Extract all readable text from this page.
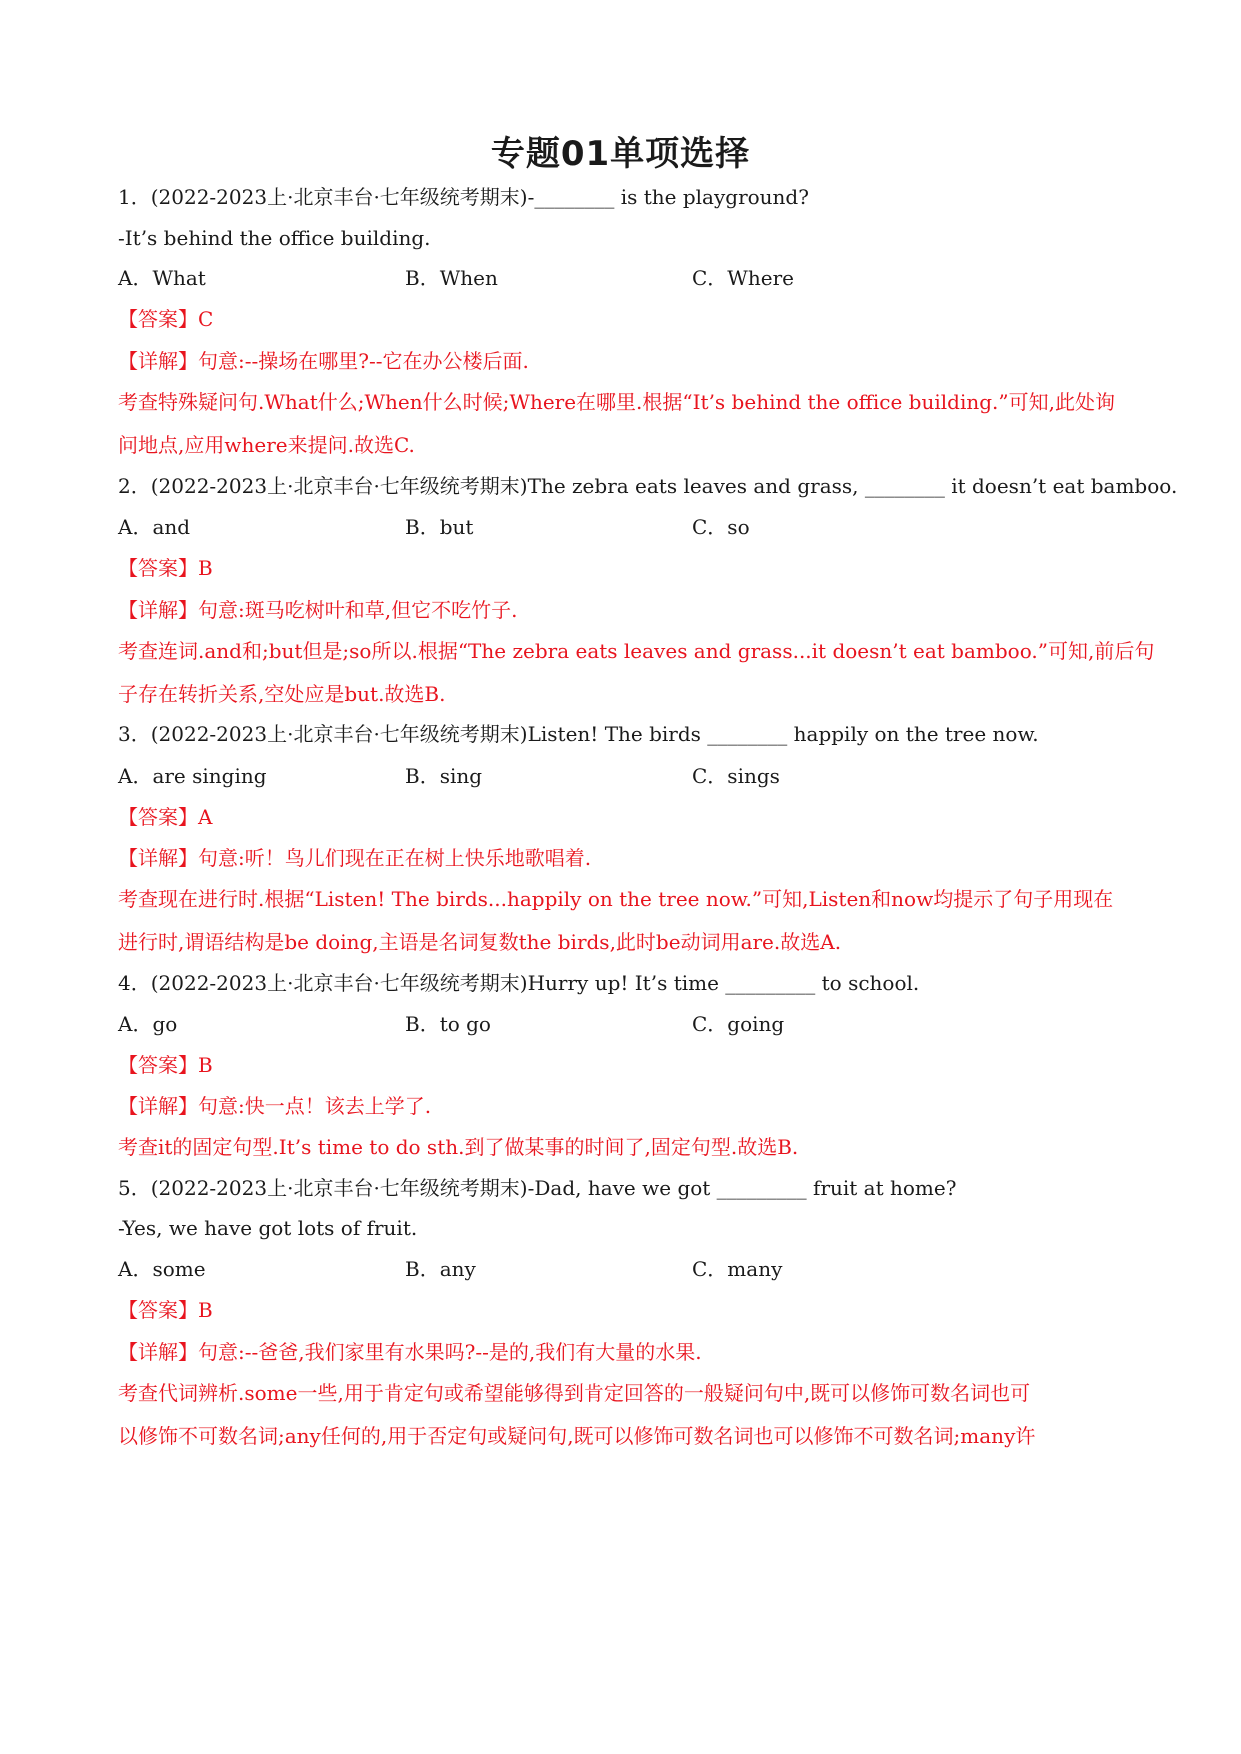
专题01单项选择
1．(2022-2023上·北京丰台·七年级统考期末)-________ is the playground?
-It’s behind the office building.
A．What	B．When	C．Where
【答案】C
【详解】句意:--操场在哪里?--它在办公楼后面.
考查特殊疑问句.What什么;When什么时候;Where在哪里.根据“It’s behind the office building.”可知,此处询
问地点,应用where来提问.故选C.
2．(2022-2023上·北京丰台·七年级统考期末)The zebra eats leaves and grass, ________ it doesn’t eat bamboo.
A．and	B．but	C．so
【答案】B
【详解】句意:斑马吃树叶和草,但它不吃竹子.
考查连词.and和;but但是;so所以.根据“The zebra eats leaves and grass...it doesn’t eat bamboo.”可知,前后句
子存在转折关系,空处应是but.故选B.
3．(2022-2023上·北京丰台·七年级统考期末)Listen! The birds ________ happily on the tree now.
A．are singing	B．sing	C．sings
【答案】A
【详解】句意:听！鸟儿们现在正在树上快乐地歌唱着.
考查现在进行时.根据“Listen! The birds...happily on the tree now.”可知,Listen和now均提示了句子用现在
进行时,谓语结构是be doing,主语是名词复数the birds,此时be动词用are.故选A.
4．(2022-2023上·北京丰台·七年级统考期末)Hurry up! It’s time _________ to school.
A．go	B．to go	C．going
【答案】B
【详解】句意:快一点！该去上学了.
考查it的固定句型.It’s time to do sth.到了做某事的时间了,固定句型.故选B.
5．(2022-2023上·北京丰台·七年级统考期末)-Dad, have we got _________ fruit at home?
-Yes, we have got lots of fruit.
A．some	B．any	C．many
【答案】B
【详解】句意:--爸爸,我们家里有水果吗?--是的,我们有大量的水果.
考查代词辨析.some一些,用于肯定句或希望能够得到肯定回答的一般疑问句中,既可以修饰可数名词也可
以修饰不可数名词;any任何的,用于否定句或疑问句,既可以修饰可数名词也可以修饰不可数名词;many许
